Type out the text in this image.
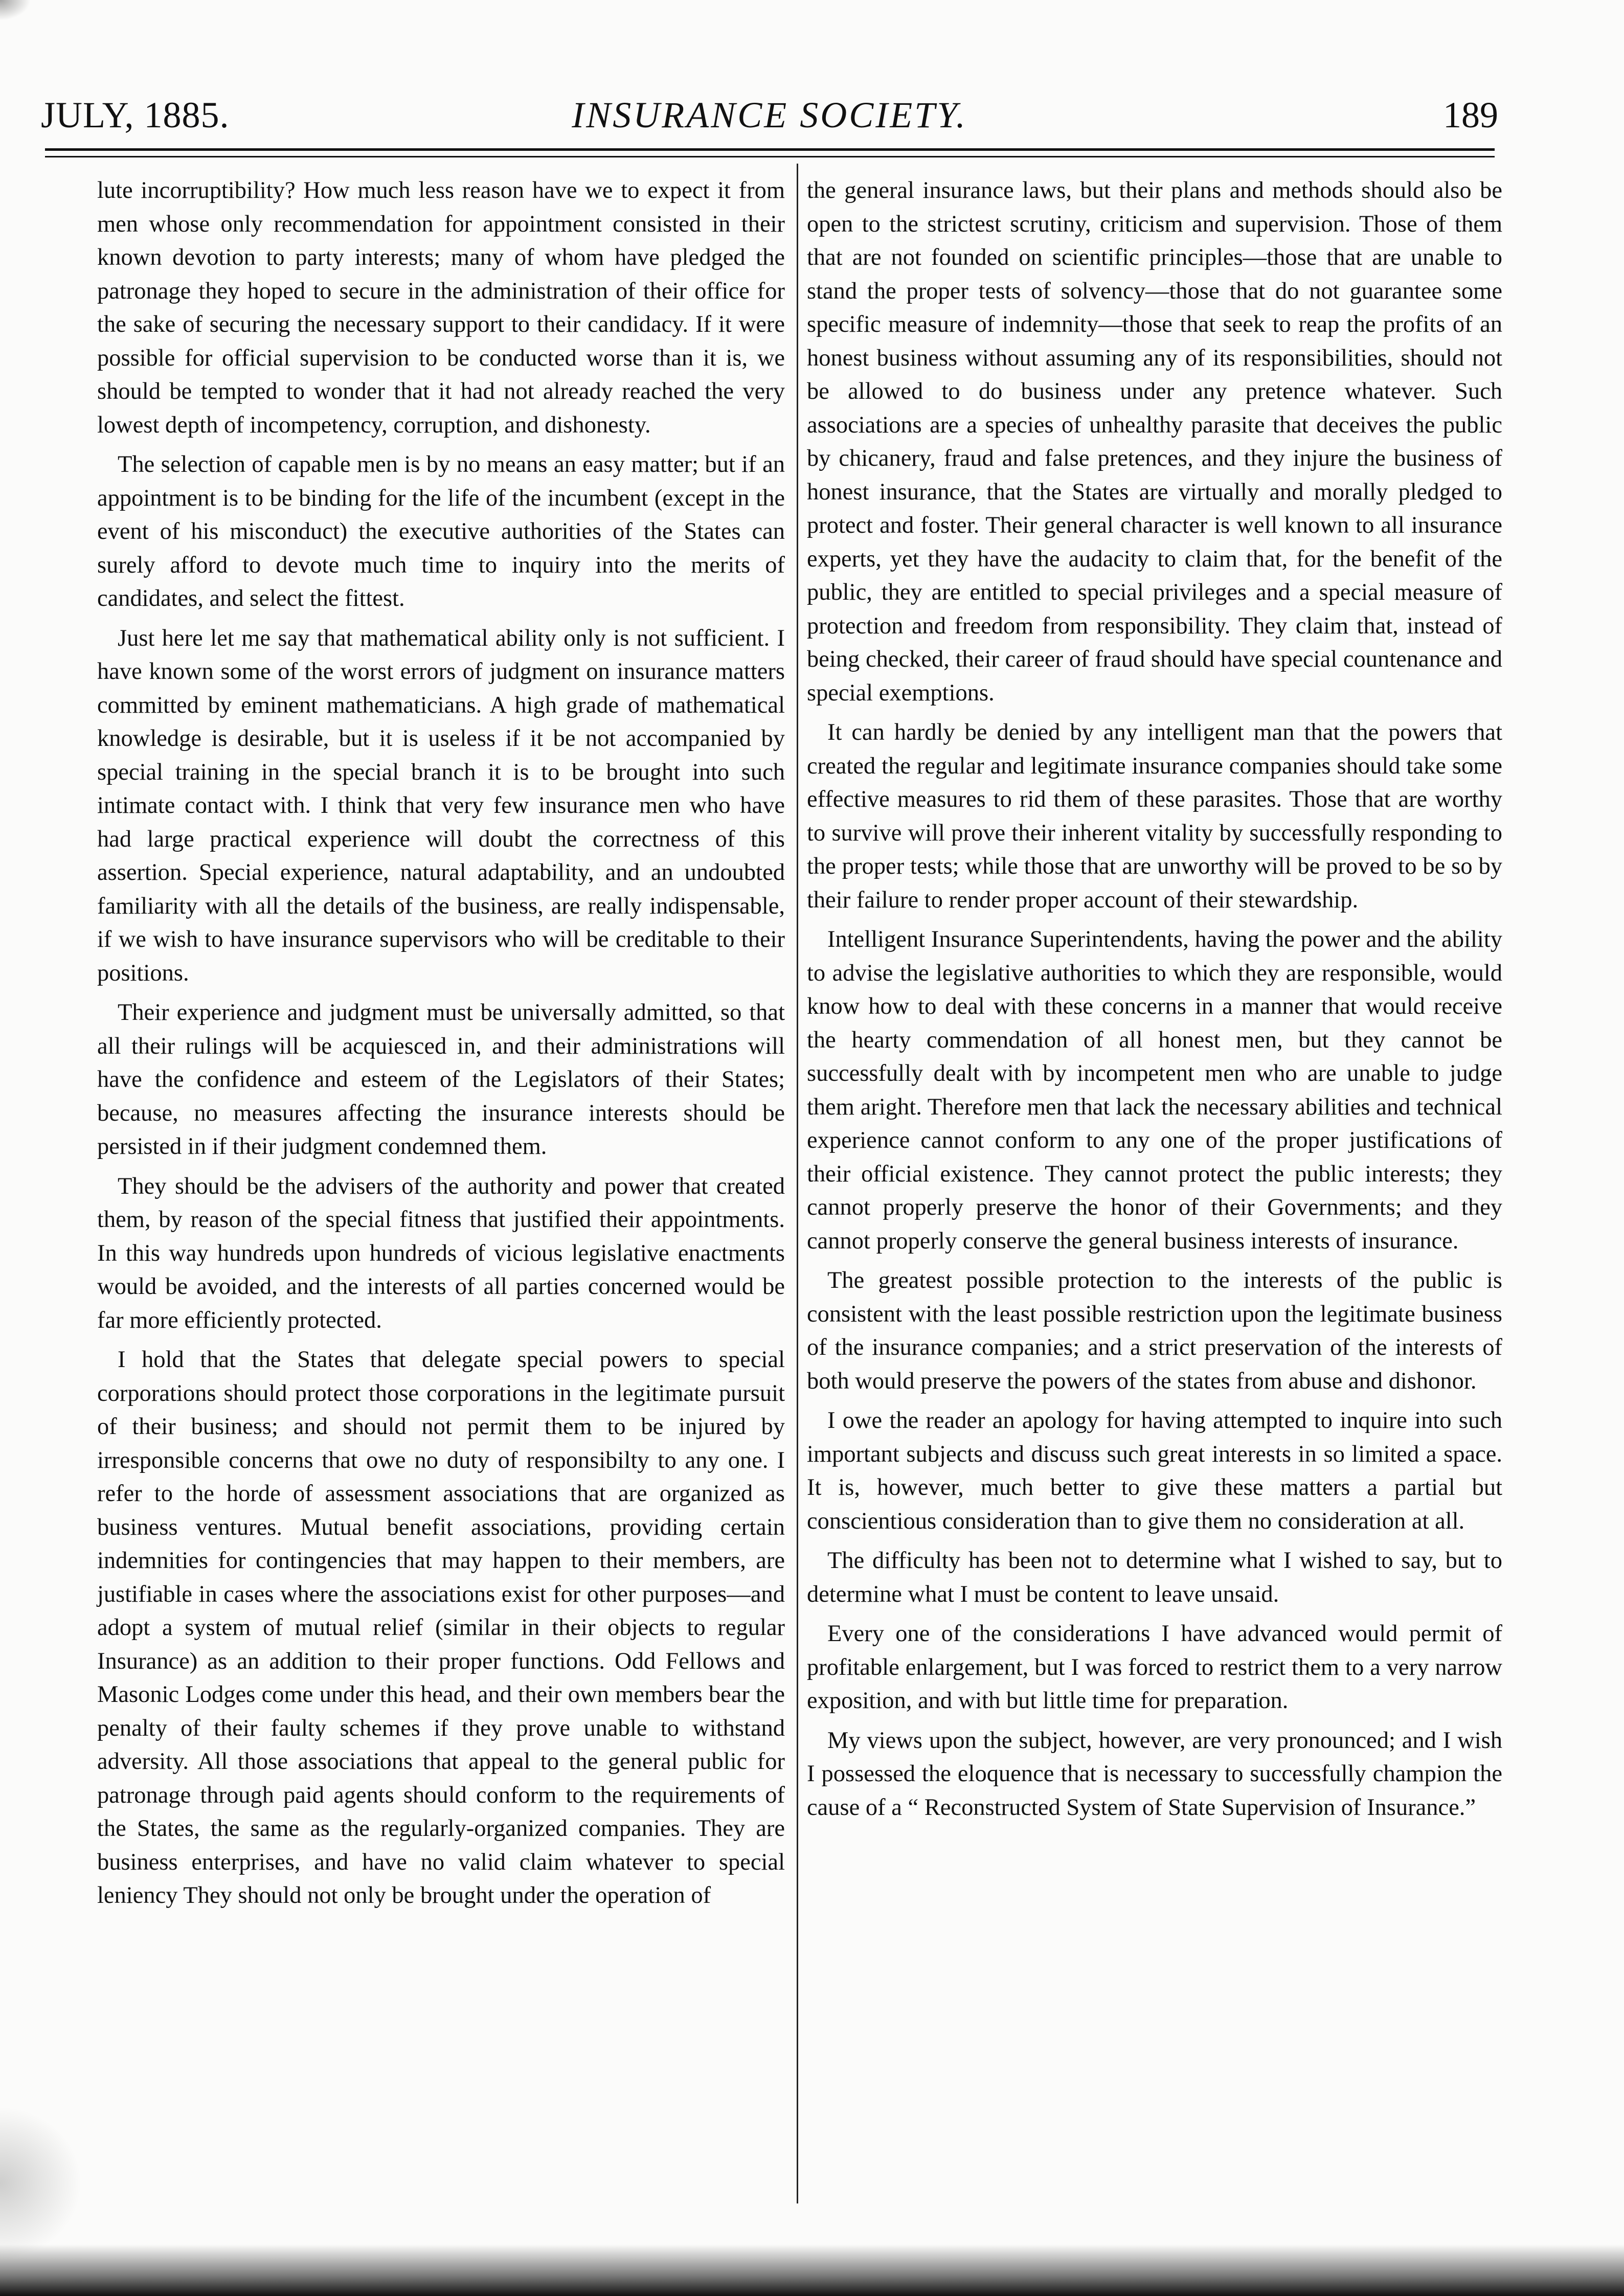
JULY, 1885.	INSURANCE SOCIETY.	189

lute incorruptibility? How much less reason have we to expect it from men whose only recommendation for appointment consisted in their known devotion to party interests; many of whom have pledged the patronage they hoped to secure in the administration of their office for the sake of securing the necessary support to their candidacy. If it were possible for official supervision to be conducted worse than it is, we should be tempted to wonder that it had not already reached the very lowest depth of incompetency, corruption, and dishonesty.

The selection of capable men is by no means an easy matter; but if an appointment is to be binding for the life of the incumbent (except in the event of his misconduct) the executive authorities of the States can surely afford to devote much time to inquiry into the merits of candidates, and select the fittest.

Just here let me say that mathematical ability only is not sufficient. I have known some of the worst errors of judgment on insurance matters committed by eminent mathematicians. A high grade of mathematical knowledge is desirable, but it is useless if it be not accompanied by special training in the special branch it is to be brought into such intimate contact with. I think that very few insurance men who have had large practical experience will doubt the correctness of this assertion. Special experience, natural adaptability, and an undoubted familiarity with all the details of the business, are really indispensable, if we wish to have insurance supervisors who will be creditable to their positions.

Their experience and judgment must be universally admitted, so that all their rulings will be acquiesced in, and their administrations will have the confidence and esteem of the Legislators of their States; because, no measures affecting the insurance interests should be persisted in if their judgment condemned them.

They should be the advisers of the authority and power that created them, by reason of the special fitness that justified their appointments. In this way hundreds upon hundreds of vicious legislative enactments would be avoided, and the interests of all parties concerned would be far more efficiently protected.

I hold that the States that delegate special powers to special corporations should protect those corporations in the legitimate pursuit of their business; and should not permit them to be injured by irresponsible concerns that owe no duty of responsibilty to any one. I refer to the horde of assessment associations that are organized as business ventures. Mutual benefit associations, providing certain indemnities for contingencies that may happen to their members, are justifiable in cases where the associations exist for other purposes—and adopt a system of mutual relief (similar in their objects to regular Insurance) as an addition to their proper functions. Odd Fellows and Masonic Lodges come under this head, and their own members bear the penalty of their faulty schemes if they prove unable to withstand adversity. All those associations that appeal to the general public for patronage through paid agents should conform to the requirements of the States, the same as the regularly-organized companies. They are business enterprises, and have no valid claim whatever to special leniency They should not only be brought under the operation of

the general insurance laws, but their plans and methods should also be open to the strictest scrutiny, criticism and supervision. Those of them that are not founded on scientific principles—those that are unable to stand the proper tests of solvency—those that do not guarantee some specific measure of indemnity—those that seek to reap the profits of an honest business without assuming any of its responsibilities, should not be allowed to do business under any pretence whatever. Such associations are a species of unhealthy parasite that deceives the public by chicanery, fraud and false pretences, and they injure the business of honest insurance, that the States are virtually and morally pledged to protect and foster. Their general character is well known to all insurance experts, yet they have the audacity to claim that, for the benefit of the public, they are entitled to special privileges and a special measure of protection and freedom from responsibility. They claim that, instead of being checked, their career of fraud should have special countenance and special exemptions.

It can hardly be denied by any intelligent man that the powers that created the regular and legitimate insurance companies should take some effective measures to rid them of these parasites. Those that are worthy to survive will prove their inherent vitality by successfully responding to the proper tests; while those that are unworthy will be proved to be so by their failure to render proper account of their stewardship.

Intelligent Insurance Superintendents, having the power and the ability to advise the legislative authorities to which they are responsible, would know how to deal with these concerns in a manner that would receive the hearty commendation of all honest men, but they cannot be successfully dealt with by incompetent men who are unable to judge them aright. Therefore men that lack the necessary abilities and technical experience cannot conform to any one of the proper justifications of their official existence. They cannot protect the public interests; they cannot properly preserve the honor of their Governments; and they cannot properly conserve the general business interests of insurance.

The greatest possible protection to the interests of the public is consistent with the least possible restriction upon the legitimate business of the insurance companies; and a strict preservation of the interests of both would preserve the powers of the states from abuse and dishonor.

I owe the reader an apology for having attempted to inquire into such important subjects and discuss such great interests in so limited a space. It is, however, much better to give these matters a partial but conscientious consideration than to give them no consideration at all.

The difficulty has been not to determine what I wished to say, but to determine what I must be content to leave unsaid.

Every one of the considerations I have advanced would permit of profitable enlargement, but I was forced to restrict them to a very narrow exposition, and with but little time for preparation.

My views upon the subject, however, are very pronounced; and I wish I possessed the eloquence that is necessary to successfully champion the cause of a “ Reconstructed System of State Supervision of Insurance.”
